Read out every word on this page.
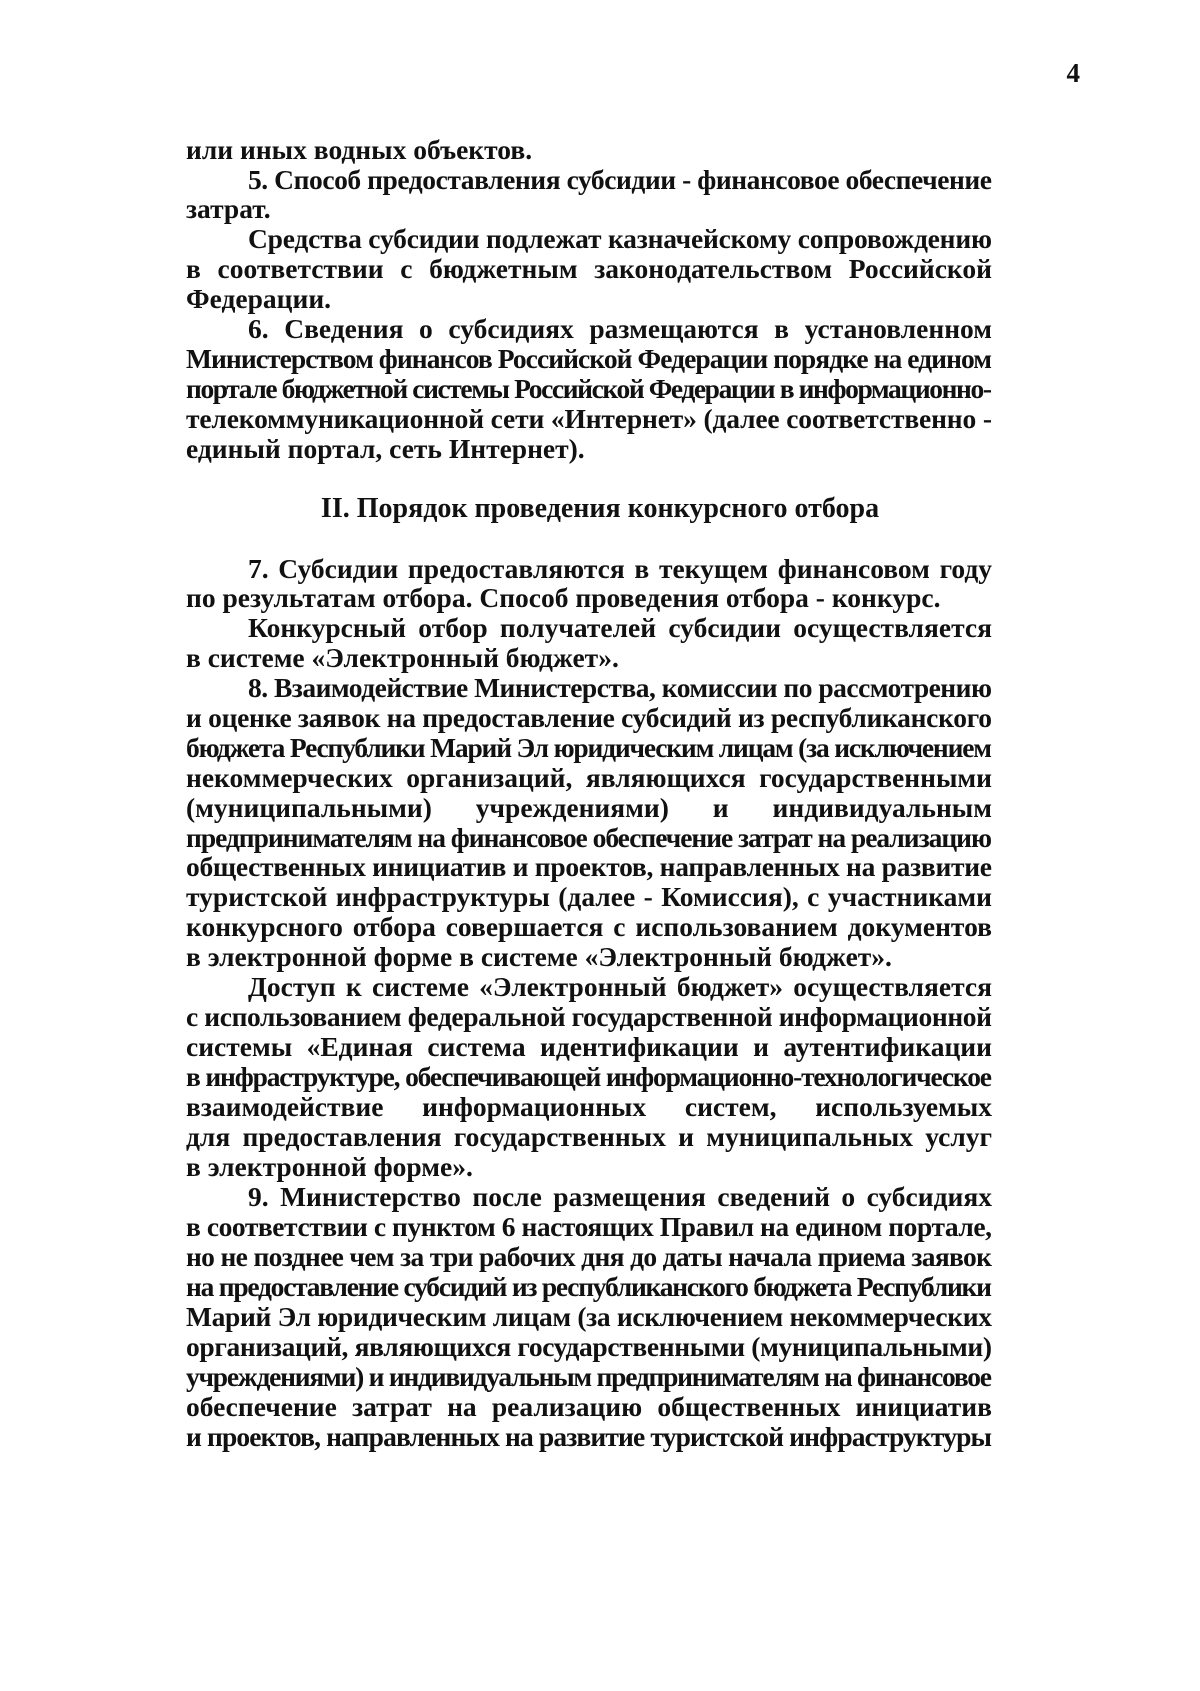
4
или иных водных объектов.
5. Способ предоставления субсидии - финансовое обеспечение
затрат.
Средства субсидии подлежат казначейскому сопровождению
в соответствии с бюджетным законодательством Российской
Федерации.
6. Сведения о субсидиях размещаются в установленном
Министерством финансов Российской Федерации порядке на едином
портале бюджетной системы Российской Федерации в информационно-
телекоммуникационной сети «Интернет» (далее соответственно -
единый портал, сеть Интернет).
II. Порядок проведения конкурсного отбора
7. Субсидии предоставляются в текущем финансовом году
по результатам отбора. Способ проведения отбора - конкурс.
Конкурсный отбор получателей субсидии осуществляется
в системе «Электронный бюджет».
8. Взаимодействие Министерства, комиссии по рассмотрению
и оценке заявок на предоставление субсидий из республиканского
бюджета Республики Марий Эл юридическим лицам (за исключением
некоммерческих организаций, являющихся государственными
(муниципальными) учреждениями) и индивидуальным
предпринимателям на финансовое обеспечение затрат на реализацию
общественных инициатив и проектов, направленных на развитие
туристской инфраструктуры (далее - Комиссия), с участниками
конкурсного отбора совершается с использованием документов
в электронной форме в системе «Электронный бюджет».
Доступ к системе «Электронный бюджет» осуществляется
с использованием федеральной государственной информационной
системы «Единая система идентификации и аутентификации
в инфраструктуре, обеспечивающей информационно-технологическое
взаимодействие информационных систем, используемых
для предоставления государственных и муниципальных услуг
в электронной форме».
9. Министерство после размещения сведений о субсидиях
в соответствии с пунктом 6 настоящих Правил на едином портале,
но не позднее чем за три рабочих дня до даты начала приема заявок
на предоставление субсидий из республиканского бюджета Республики
Марий Эл юридическим лицам (за исключением некоммерческих
организаций, являющихся государственными (муниципальными)
учреждениями) и индивидуальным предпринимателям на финансовое
обеспечение затрат на реализацию общественных инициатив
и проектов, направленных на развитие туристской инфраструктуры
